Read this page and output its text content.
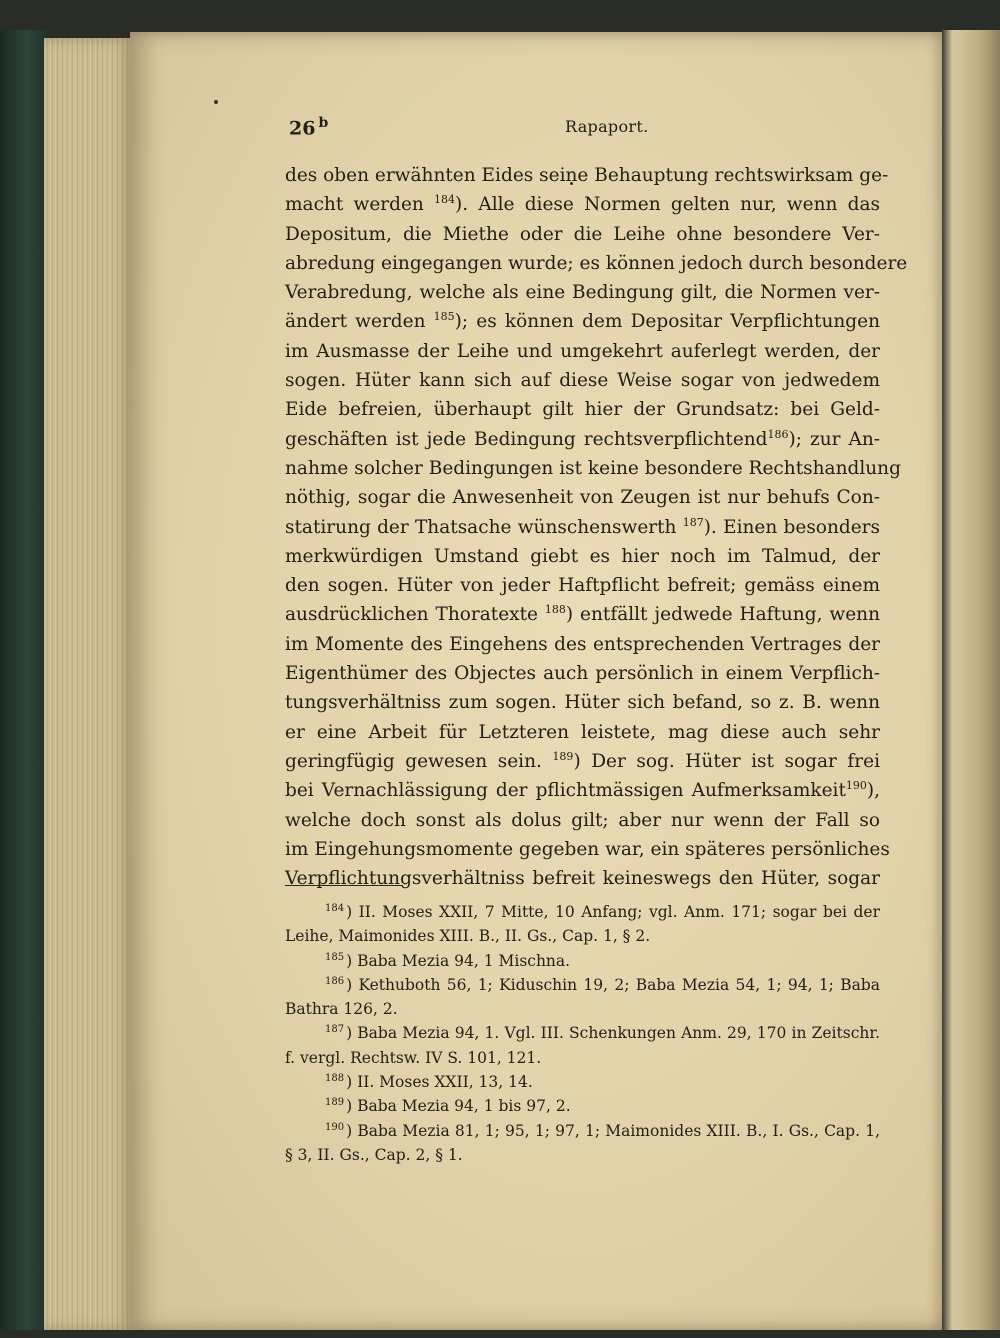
26 $^b$	Rapaport.
des oben erwähnten Eides seine Behauptung rechtswirksam ge-
macht werden $^{184}$). Alle diese Normen gelten nur, wenn das
Depositum, die Miethe oder die Leihe ohne besondere Ver-
abredung eingegangen wurde; es können jedoch durch besondere
Verabredung, welche als eine Bedingung gilt, die Normen ver-
ändert werden $^{185}$); es können dem Depositar Verpflichtungen
im Ausmasse der Leihe und umgekehrt auferlegt werden, der
sogen. Hüter kann sich auf diese Weise sogar von jedwedem
Eide befreien, überhaupt gilt hier der Grundsatz: bei Geld-
geschäften ist jede Bedingung rechtsverpflichtend$^{186}$); zur An-
nahme solcher Bedingungen ist keine besondere Rechtshandlung
nöthig, sogar die Anwesenheit von Zeugen ist nur behufs Con-
statirung der Thatsache wünschenswerth $^{187}$). Einen besonders
merkwürdigen Umstand giebt es hier noch im Talmud, der
den sogen. Hüter von jeder Haftpflicht befreit; gemäss einem
ausdrücklichen Thoratexte $^{188}$) entfällt jedwede Haftung, wenn
im Momente des Eingehens des entsprechenden Vertrages der
Eigenthümer des Objectes auch persönlich in einem Verpflich-
tungsverhältniss zum sogen. Hüter sich befand, so z. B. wenn
er eine Arbeit für Letzteren leistete, mag diese auch sehr
geringfügig gewesen sein. $^{189}$) Der sog. Hüter ist sogar frei
bei Vernachlässigung der pflichtmässigen Aufmerksamkeit$^{190}$),
welche doch sonst als dolus gilt; aber nur wenn der Fall so
im Eingehungsmomente gegeben war, ein späteres persönliches
Verpflichtungsverhältniss befreit keineswegs den Hüter, sogar
$^{184}$ ) II. Moses XXII, 7 Mitte, 10 Anfang; vgl. Anm. 171; sogar bei der Leihe, Maimonides XIII. B., II. Gs., Cap. 1, § 2.
$^{185}$ ) Baba Mezia 94, 1 Mischna.
$^{186}$ ) Kethuboth 56, 1; Kiduschin 19, 2; Baba Mezia 54, 1; 94, 1; Baba Bathra 126, 2.
$^{187}$ ) Baba Mezia 94, 1. Vgl. III. Schenkungen Anm. 29, 170 in Zeitschr. f. vergl. Rechtsw. IV S. 101, 121.
$^{188}$ ) II. Moses XXII, 13, 14.
$^{189}$ ) Baba Mezia 94, 1 bis 97, 2.
$^{190}$ ) Baba Mezia 81, 1; 95, 1; 97, 1; Maimonides XIII. B., I. Gs., Cap. 1, § 3, II. Gs., Cap. 2, § 1.
